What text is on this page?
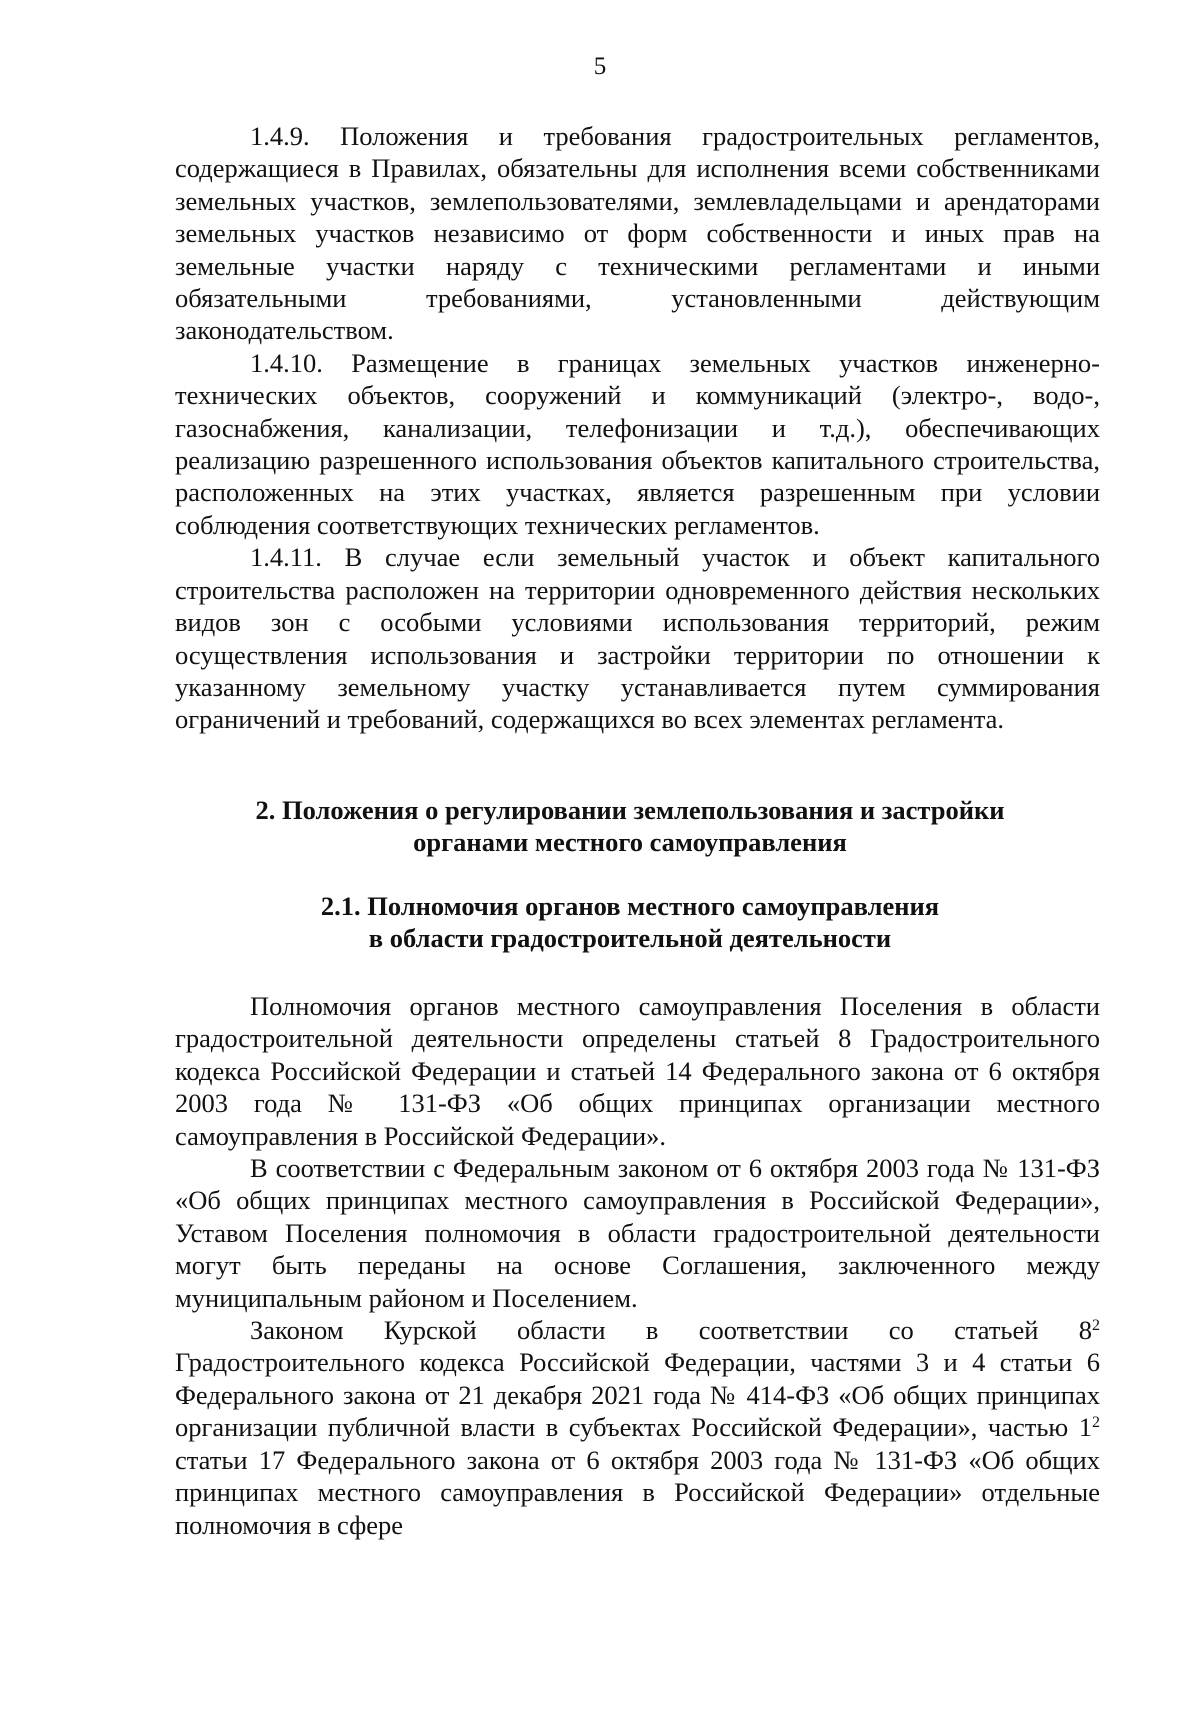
5

1.4.9. Положения и требования градостроительных регламентов, содержащиеся в Правилах, обязательны для исполнения всеми собственниками земельных участков, землепользователями, землевладельцами и арендаторами земельных участков независимо от форм собственности и иных прав на земельные участки наряду с техническими регламентами и иными обязательными требованиями, установленными действующим законодательством.

1.4.10. Размещение в границах земельных участков инженерно-технических объектов, сооружений и коммуникаций (электро-, водо-, газоснабжения, канализации, телефонизации и т.д.), обеспечивающих реализацию разрешенного использования объектов капитального строительства, расположенных на этих участках, является разрешенным при условии соблюдения соответствующих технических регламентов.

1.4.11. В случае если земельный участок и объект капитального строительства расположен на территории одновременного действия нескольких видов зон с особыми условиями использования территорий, режим осуществления использования и застройки территории по отношении к указанному земельному участку устанавливается путем суммирования ограничений и требований, содержащихся во всех элементах регламента.

2. Положения о регулировании землепользования и застройки
органами местного самоуправления
2.1. Полномочия органов местного самоуправления
в области градостроительной деятельности

Полномочия органов местного самоуправления Поселения в области градостроительной деятельности определены статьей 8 Градостроительного кодекса Российской Федерации и статьей 14 Федерального закона от 6 октября 2003 года № 131-ФЗ «Об общих принципах организации местного самоуправления в Российской Федерации».

В соответствии с Федеральным законом от 6 октября 2003 года № 131-ФЗ «Об общих принципах местного самоуправления в Российской Федерации», Уставом Поселения полномочия в области градостроительной деятельности могут быть переданы на основе Соглашения, заключенного между муниципальным районом и Поселением.

Законом Курской области в соответствии со статьей $8^2$ Градостроительного кодекса Российской Федерации, частями 3 и 4 статьи 6 Федерального закона от 21 декабря 2021 года № 414-ФЗ «Об общих принципах организации публичной власти в субъектах Российской Федерации», частью $1^2$ статьи 17 Федерального закона от 6 октября 2003 года № 131-ФЗ «Об общих принципах местного самоуправления в Российской Федерации» отдельные полномочия в сфере
